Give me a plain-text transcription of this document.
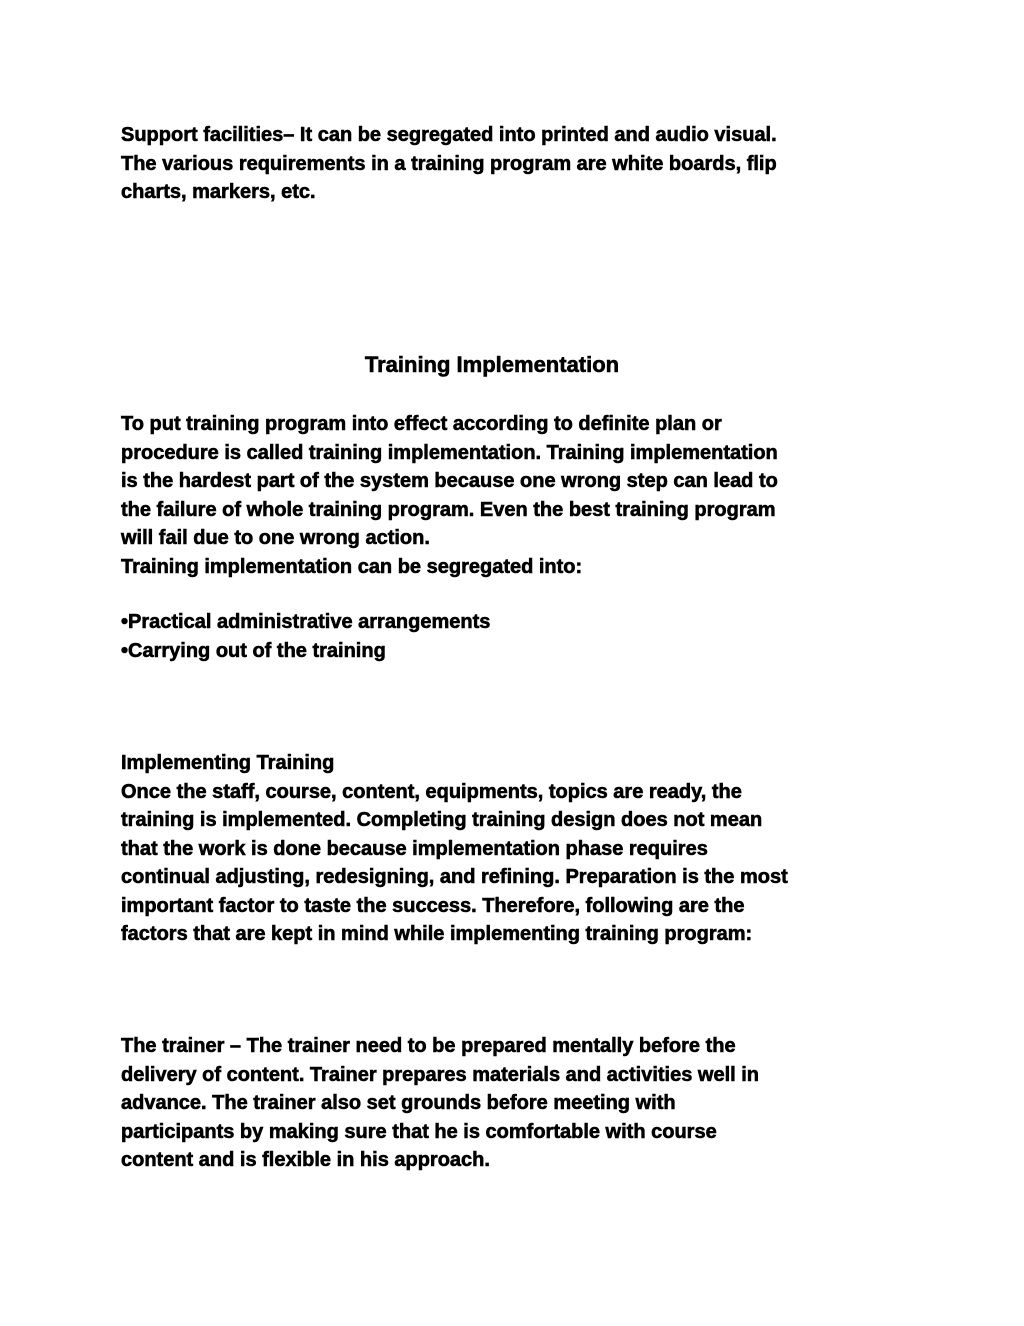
Support facilities– It can be segregated into printed and audio visual.

The various requirements in a training program are white boards, flip

charts, markers, etc.

Training Implementation

To put training program into effect according to definite plan or

procedure is called training implementation. Training implementation

is the hardest part of the system because one wrong step can lead to

the failure of whole training program. Even the best training program

will fail due to one wrong action.

Training implementation can be segregated into:

• Practical administrative arrangements
• Carrying out of the training

Implementing Training

Once the staff, course, content, equipments, topics are ready, the

training is implemented. Completing training design does not mean

that the work is done because implementation phase requires

continual adjusting, redesigning, and refining. Preparation is the most

important factor to taste the success. Therefore, following are the

factors that are kept in mind while implementing training program:

The trainer – The trainer need to be prepared mentally before the

delivery of content. Trainer prepares materials and activities well in

advance. The trainer also set grounds before meeting with

participants by making sure that he is comfortable with course

content and is flexible in his approach.
